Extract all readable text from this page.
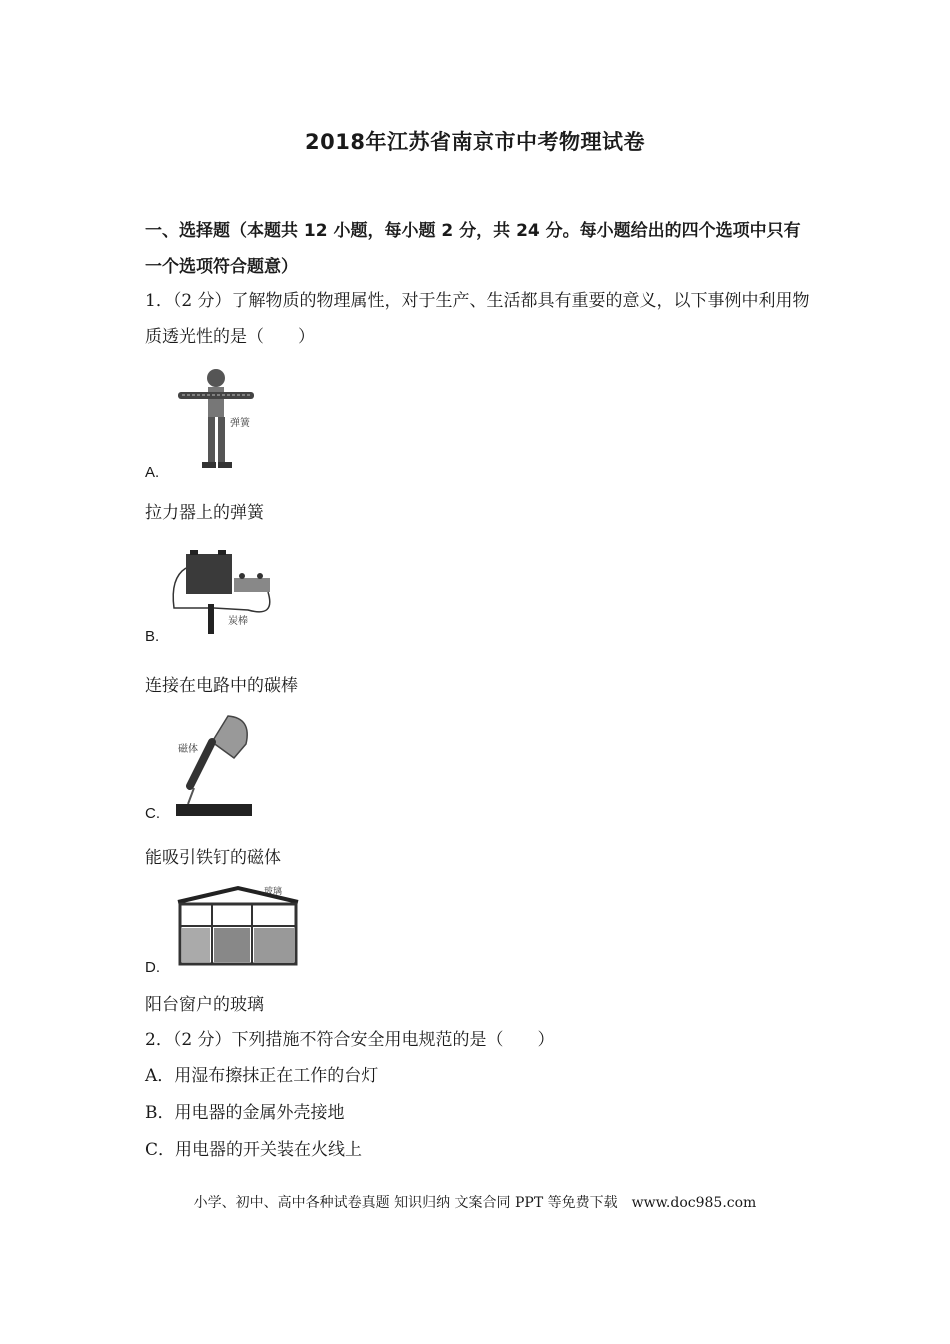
2018年江苏省南京市中考物理试卷
一、选择题（本题共 12 小题，每小题 2 分，共 24 分。每小题给出的四个选项中只有一个选项符合题意）
1．（2 分）了解物质的物理属性，对于生产、生活都具有重要的意义，以下事例中利用物质透光性的是（　　）
弹簧
A.
拉力器上的弹簧
炭棒
B.
连接在电路中的碳棒
磁体
C.
能吸引铁钉的磁体
玻璃
D.
阳台窗户的玻璃
2．（2 分）下列措施不符合安全用电规范的是（　　）
A．用湿布擦抹正在工作的台灯
B．用电器的金属外壳接地
C．用电器的开关装在火线上
小学、初中、高中各种试卷真题 知识归纳 文案合同 PPT 等免费下载　www.doc985.com
